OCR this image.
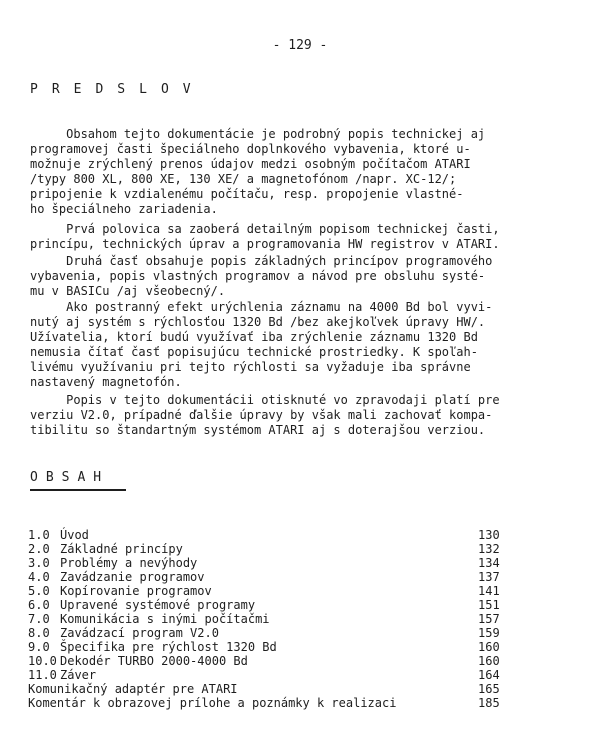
- 129 -
PREDSLOV
Obsahom tejto dokumentácie je podrobný popis technickej aj
programovej časti špeciálneho doplnkového vybavenia, ktoré u-
možnuje zrýchlený prenos údajov medzi osobným počítačom ATARI
/typy 800 XL, 800 XE, 130 XE/ a magnetofónom /napr. XC-12/;
pripojenie k vzdialenému počítaču, resp. propojenie vlastné-
ho špeciálneho zariadenia.
Prvá polovica sa zaoberá detailným popisom technickej časti,
princípu, technických úprav a programovania HW registrov v ATARI.
Druhá časť obsahuje popis základných princípov programového
vybavenia, popis vlastných programov a návod pre obsluhu systé-
mu v BASICu /aj všeobecný/.
Ako postranný efekt urýchlenia záznamu na 4000 Bd bol vyvi-
nutý aj systém s rýchlosťou 1320 Bd /bez akejkoľvek úpravy HW/.
Užívatelia, ktorí budú využívať iba zrýchlenie záznamu 1320 Bd
nemusia čítať časť popisujúcu technické prostriedky. K spoľah-
livému využívaniu pri tejto rýchlosti sa vyžaduje iba správne
nastavený magnetofón.
Popis v tejto dokumentácii otisknuté vo zpravodaji platí pre
verziu V2.0, prípadné ďalšie úpravy by však mali zachovať kompa-
tibilitu so štandartným systémom ATARI aj s doterajšou verziou.
OBSAH
1.0 Úvod	130
2.0 Základné princípy	132
3.0 Problémy a nevýhody	134
4.0 Zavádzanie programov	137
5.0 Kopírovanie programov	141
6.0 Upravené systémové programy	151
7.0 Komunikácia s inými počítačmi	157
8.0 Zavádzací program V2.0	159
9.0 Špecifika pre rýchlost 1320 Bd	160
10.0 Dekodér TURBO 2000-4000 Bd	160
11.0 Záver	164
Komunikačný adaptér pre ATARI	165
Komentár k obrazovej prílohe a poznámky k realizaci	185
